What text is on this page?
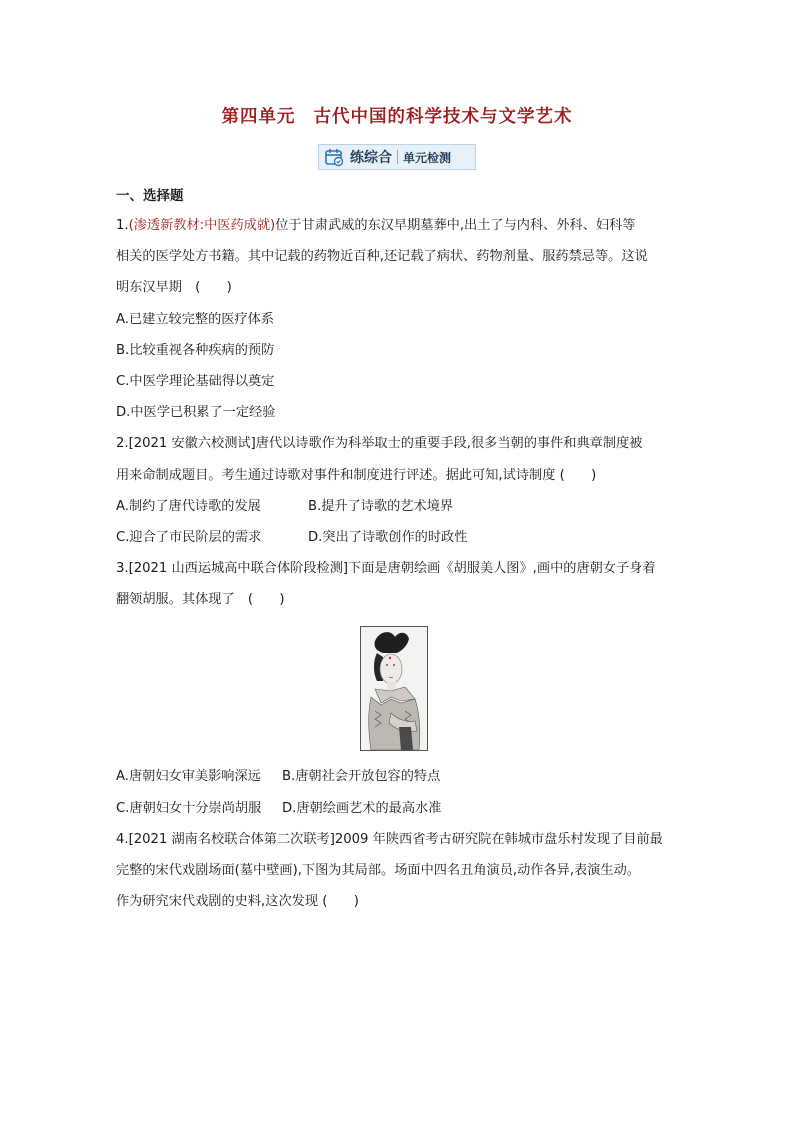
第四单元 古代中国的科学技术与文学艺术
练综合 单元检测
一、选择题
1.(渗透新教材:中医药成就)位于甘肃武威的东汉早期墓葬中,出土了与内科、外科、妇科等
相关的医学处方书籍。其中记载的药物近百种,还记载了病状、药物剂量、服药禁忌等。这说
明东汉早期　(　　)
A.已建立较完整的医疗体系
B.比较重视各种疾病的预防
C.中医学理论基础得以奠定
D.中医学已积累了一定经验
2.[2021 安徽六校测试]唐代以诗歌作为科举取士的重要手段,很多当朝的事件和典章制度被
用来命制成题目。考生通过诗歌对事件和制度进行评述。据此可知,试诗制度 (　　)
A.制约了唐代诗歌的发展	B.提升了诗歌的艺术境界
C.迎合了市民阶层的需求	D.突出了诗歌创作的时政性
3.[2021 山西运城高中联合体阶段检测]下面是唐朝绘画《胡服美人图》,画中的唐朝女子身着
翻领胡服。其体现了　(　　)
A.唐朝妇女审美影响深远 B.唐朝社会开放包容的特点
C.唐朝妇女十分崇尚胡服 D.唐朝绘画艺术的最高水准
4.[2021 湖南名校联合体第二次联考]2009 年陕西省考古研究院在韩城市盘乐村发现了目前最
完整的宋代戏剧场面(墓中壁画),下图为其局部。场面中四名丑角演员,动作各异,表演生动。
作为研究宋代戏剧的史料,这次发现 (　　)
